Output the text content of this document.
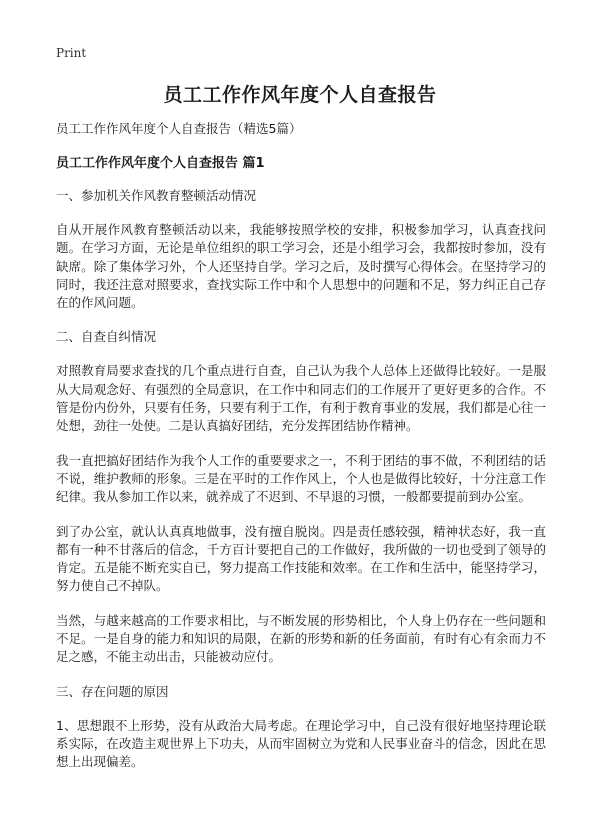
Print
员工工作作风年度个人自查报告

员工工作作风年度个人自查报告（精选5篇）

员工工作作风年度个人自查报告 篇1

一、参加机关作风教育整顿活动情况

自从开展作风教育整顿活动以来，我能够按照学校的安排，积极参加学习，认真查找问题。在学习方面，无论是单位组织的职工学习会，还是小组学习会，我都按时参加，没有缺席。除了集体学习外，个人还坚持自学。学习之后，及时撰写心得体会。在坚持学习的同时，我还注意对照要求，查找实际工作中和个人思想中的问题和不足，努力纠正自己存在的作风问题。

二、自查自纠情况

对照教育局要求查找的几个重点进行自查，自己认为我个人总体上还做得比较好。一是服从大局观念好、有强烈的全局意识，在工作中和同志们的工作展开了更好更多的合作。不管是份内份外，只要有任务，只要有利于工作，有利于教育事业的发展，我们都是心往一处想，劲往一处使。二是认真搞好团结，充分发挥团结协作精神。

我一直把搞好团结作为我个人工作的重要要求之一，不利于团结的事不做，不利团结的话不说，维护教师的形象。三是在平时的工作作风上，个人也是做得比较好，十分注意工作纪律。我从参加工作以来，就养成了不迟到、不早退的习惯，一般都要提前到办公室。

到了办公室，就认认真真地做事，没有擅自脱岗。四是责任感较强，精神状态好，我一直都有一种不甘落后的信念，千方百计要把自己的工作做好，我所做的一切也受到了领导的肯定。五是能不断充实自已，努力提高工作技能和效率。在工作和生活中，能坚持学习，努力使自己不掉队。

当然，与越来越高的工作要求相比，与不断发展的形势相比，个人身上仍存在一些问题和不足。一是自身的能力和知识的局限，在新的形势和新的任务面前，有时有心有余而力不足之感，不能主动出击，只能被动应付。

三、存在问题的原因

1、思想跟不上形势，没有从政治大局考虑。在理论学习中，自己没有很好地坚持理论联系实际，在改造主观世界上下功夫，从而牢固树立为党和人民事业奋斗的信念，因此在思想上出现偏差。
